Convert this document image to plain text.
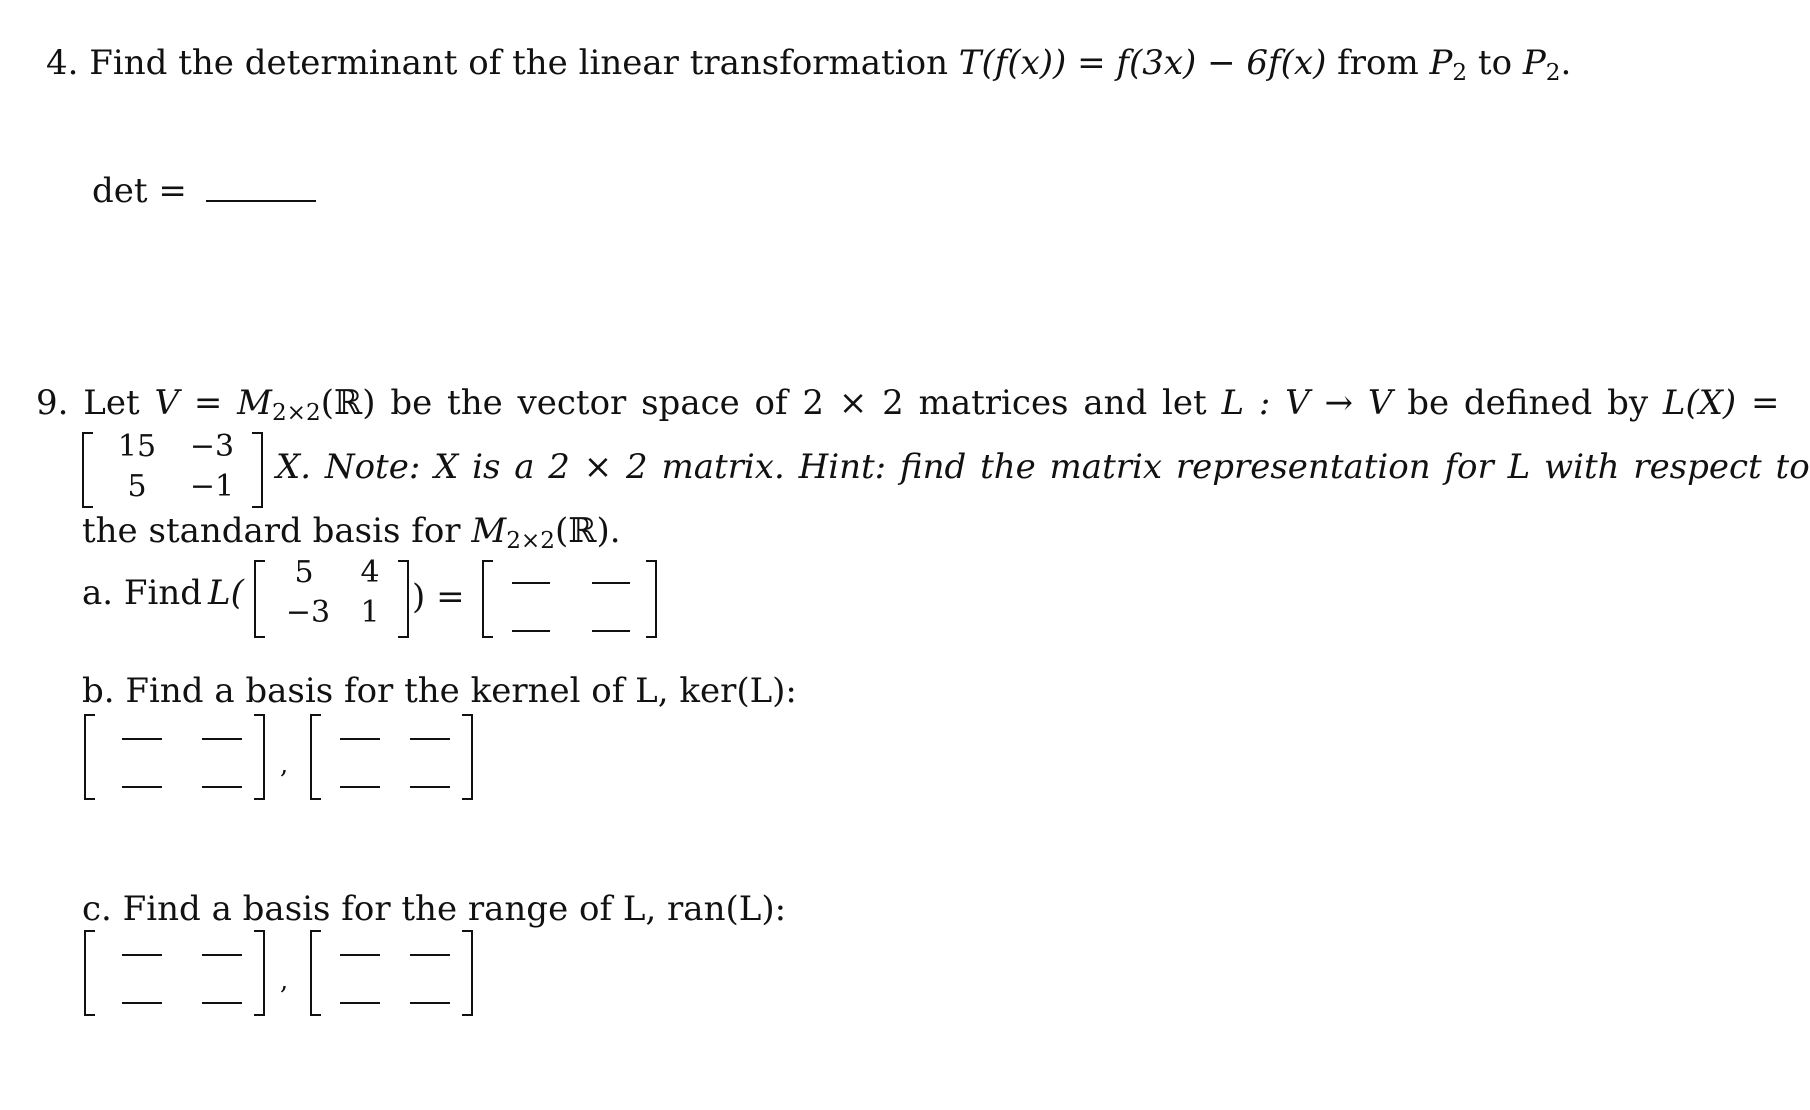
4. Find the determinant of the linear transformation T(f(x)) = f(3x) − 6f(x) from $P_2$ to $P_2$.
det =
9. Let $V = M_{2\times 2}(ℝ)$ be the vector space of 2 × 2 matrices and let L : V → V be defined by L(X) =
15 −3
5	−1 X. Note: X is a 2 × 2 matrix. Hint: find the matrix representation for L with respect to
the standard basis for $M_{2\times 2}(ℝ)$.
a. Find L(
5	4
−3 1 ) =
b. Find a basis for the kernel of L, ker(L):
,
c. Find a basis for the range of L, ran(L):
,
